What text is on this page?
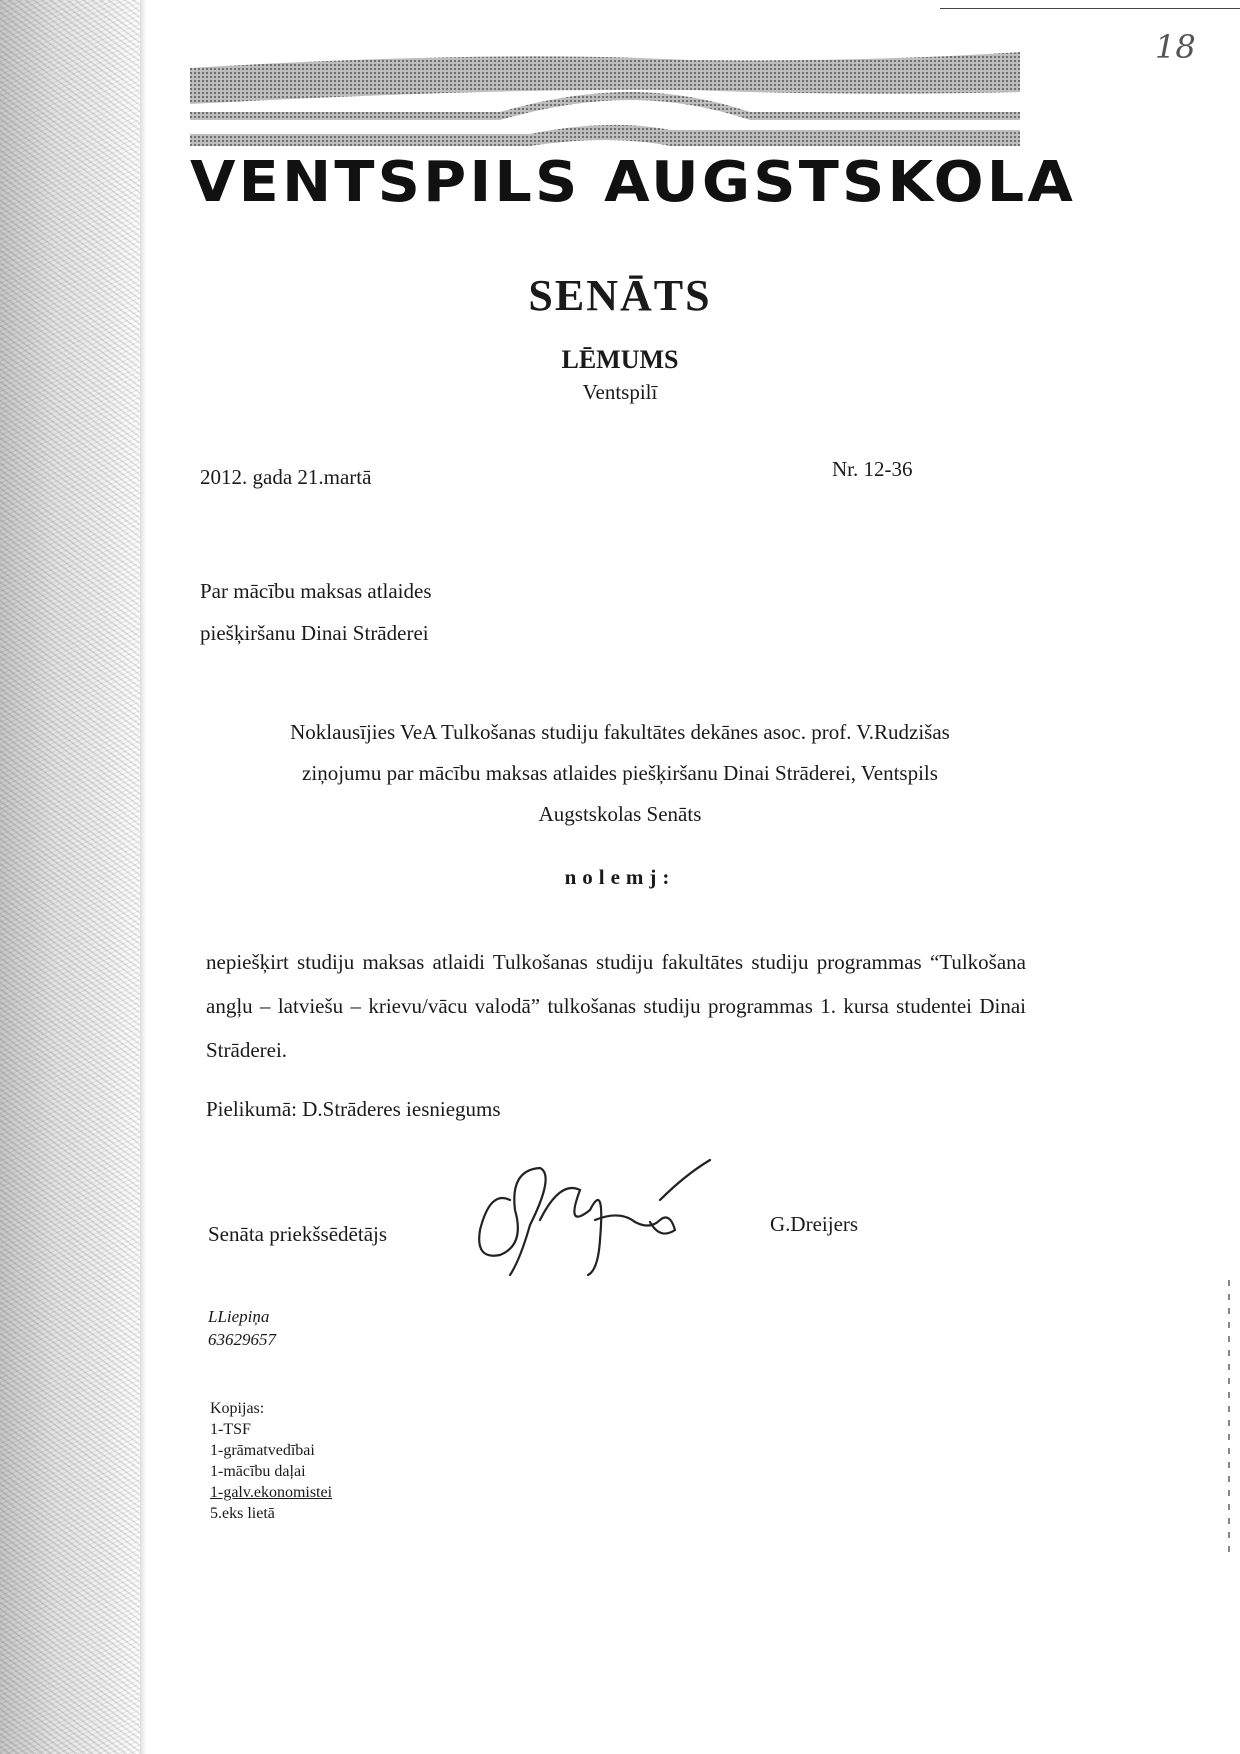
18
VENTSPILS AUGSTSKOLA
SENĀTS
LĒMUMS
Ventspilī
2012. gada 21.martā	Nr. 12-36
Par mācību maksas atlaides
piešķiršanu Dinai Strāderei
Noklausījies VeA Tulkošanas studiju fakultātes dekānes asoc. prof. V.Rudzišas
ziņojumu par mācību maksas atlaides piešķiršanu Dinai Strāderei, Ventspils
Augstskolas Senāts
nolemj:
nepiešķirt studiju maksas atlaidi Tulkošanas studiju fakultātes studiju programmas “Tulkošana angļu – latviešu – krievu/vācu valodā” tulkošanas studiju programmas 1. kursa studentei Dinai Strāderei.
Pielikumā: D.Strāderes iesniegums
Senāta priekšsēdētājs	G.Dreijers
LLiepiņa
63629657
Kopijas:
1-TSF
1-grāmatvedībai
1-mācību daļai
1-galv.ekonomistei
5.eks lietā
